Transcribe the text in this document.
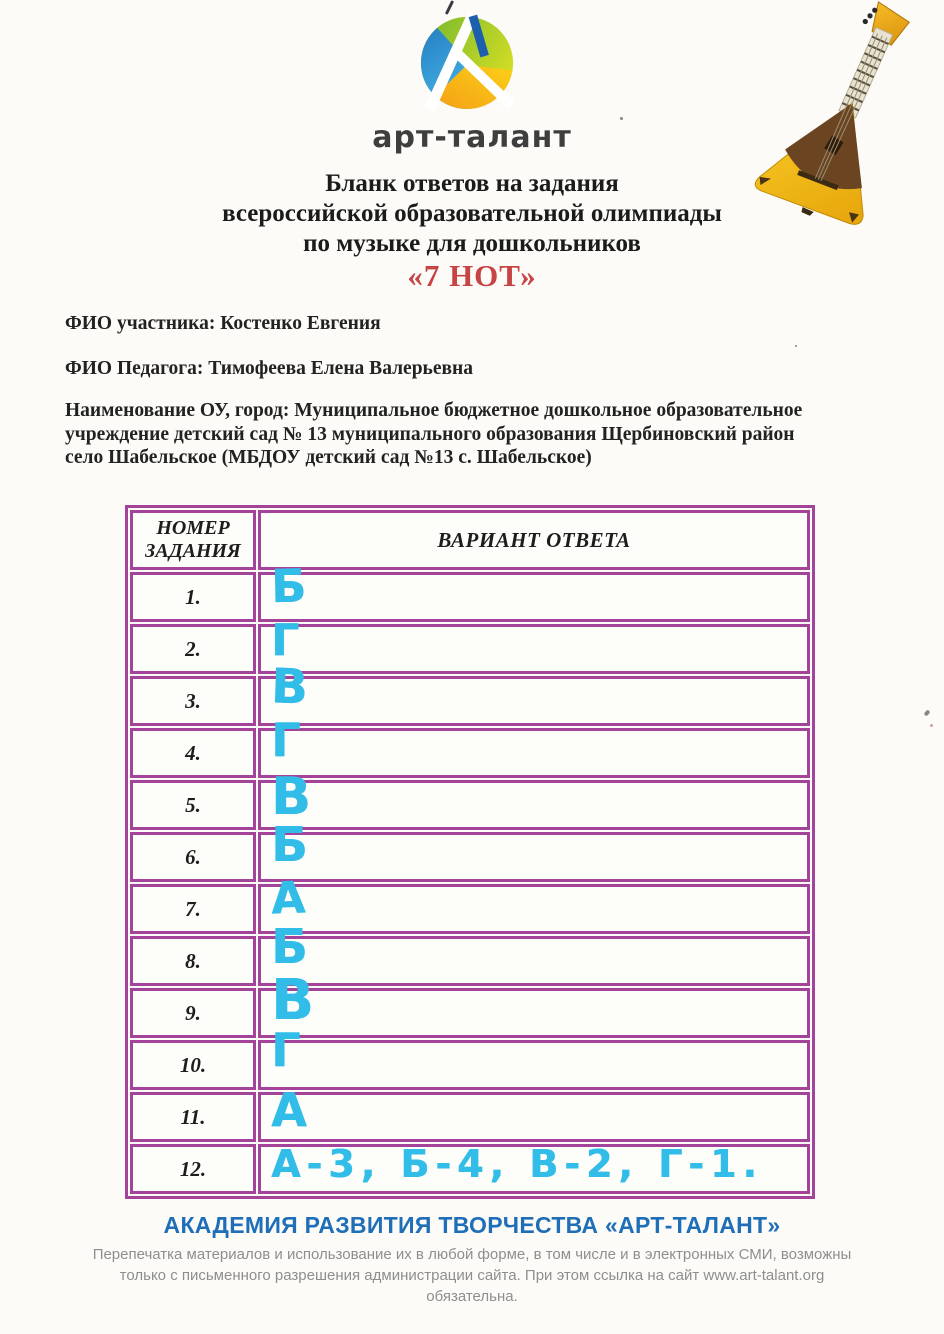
арт-талант
Бланк ответов на задания
всероссийской образовательной олимпиады
по музыке для дошкольников
«7 НОТ»
ФИО участника: Костенко Евгения
ФИО Педагога: Тимофеева Елена Валерьевна
Наименование ОУ, город: Муниципальное бюджетное дошкольное образовательное учреждение детский сад № 13 муниципального образования Щербиновский район село Шабельское (МБДОУ детский сад №13 с. Шабельское)
НОМЕР ЗАДАНИЯ	ВАРИАНТ ОТВЕТА
1.	Б
2.	Г
3.	В
4.	Г
5.	В
6.	Б
7.	А
8.	Б
9.	В
10.	Г
11.	А
12.	А-3, Б-4, В-2, Г-1.
АКАДЕМИЯ РАЗВИТИЯ ТВОРЧЕСТВА «АРТ-ТАЛАНТ»
Перепечатка материалов и использование их в любой форме, в том числе и в электронных СМИ, возможны только с письменного разрешения администрации сайта. При этом ссылка на сайт www.art-talant.org обязательна.
